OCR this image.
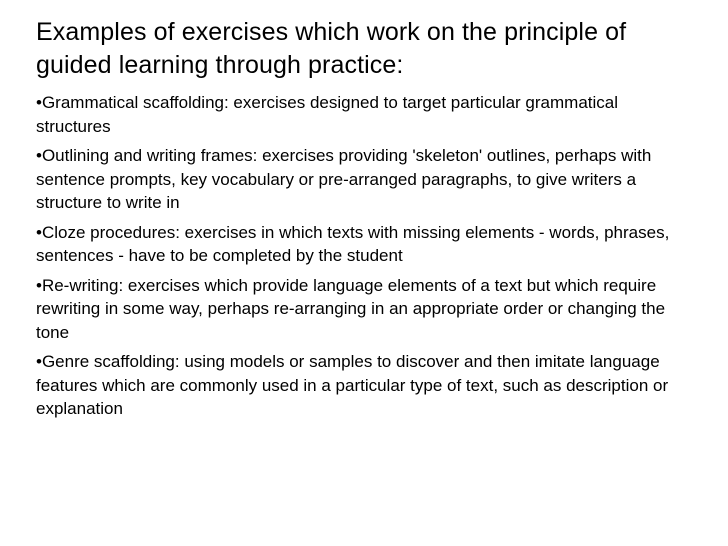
Examples of exercises which work on the principle of guided learning through practice:
•Grammatical scaffolding: exercises designed to target particular grammatical structures
•Outlining and writing frames: exercises providing 'skeleton' outlines, perhaps with sentence prompts, key vocabulary or pre-arranged paragraphs, to give writers a structure to write in
•Cloze procedures: exercises in which texts with missing elements - words, phrases, sentences - have to be completed by the student
•Re-writing: exercises which provide language elements of a text but which require rewriting in some way, perhaps re-arranging in an appropriate order or changing the tone
•Genre scaffolding: using models or samples to discover and then imitate language features which are commonly used in a particular type of text, such as description or explanation
